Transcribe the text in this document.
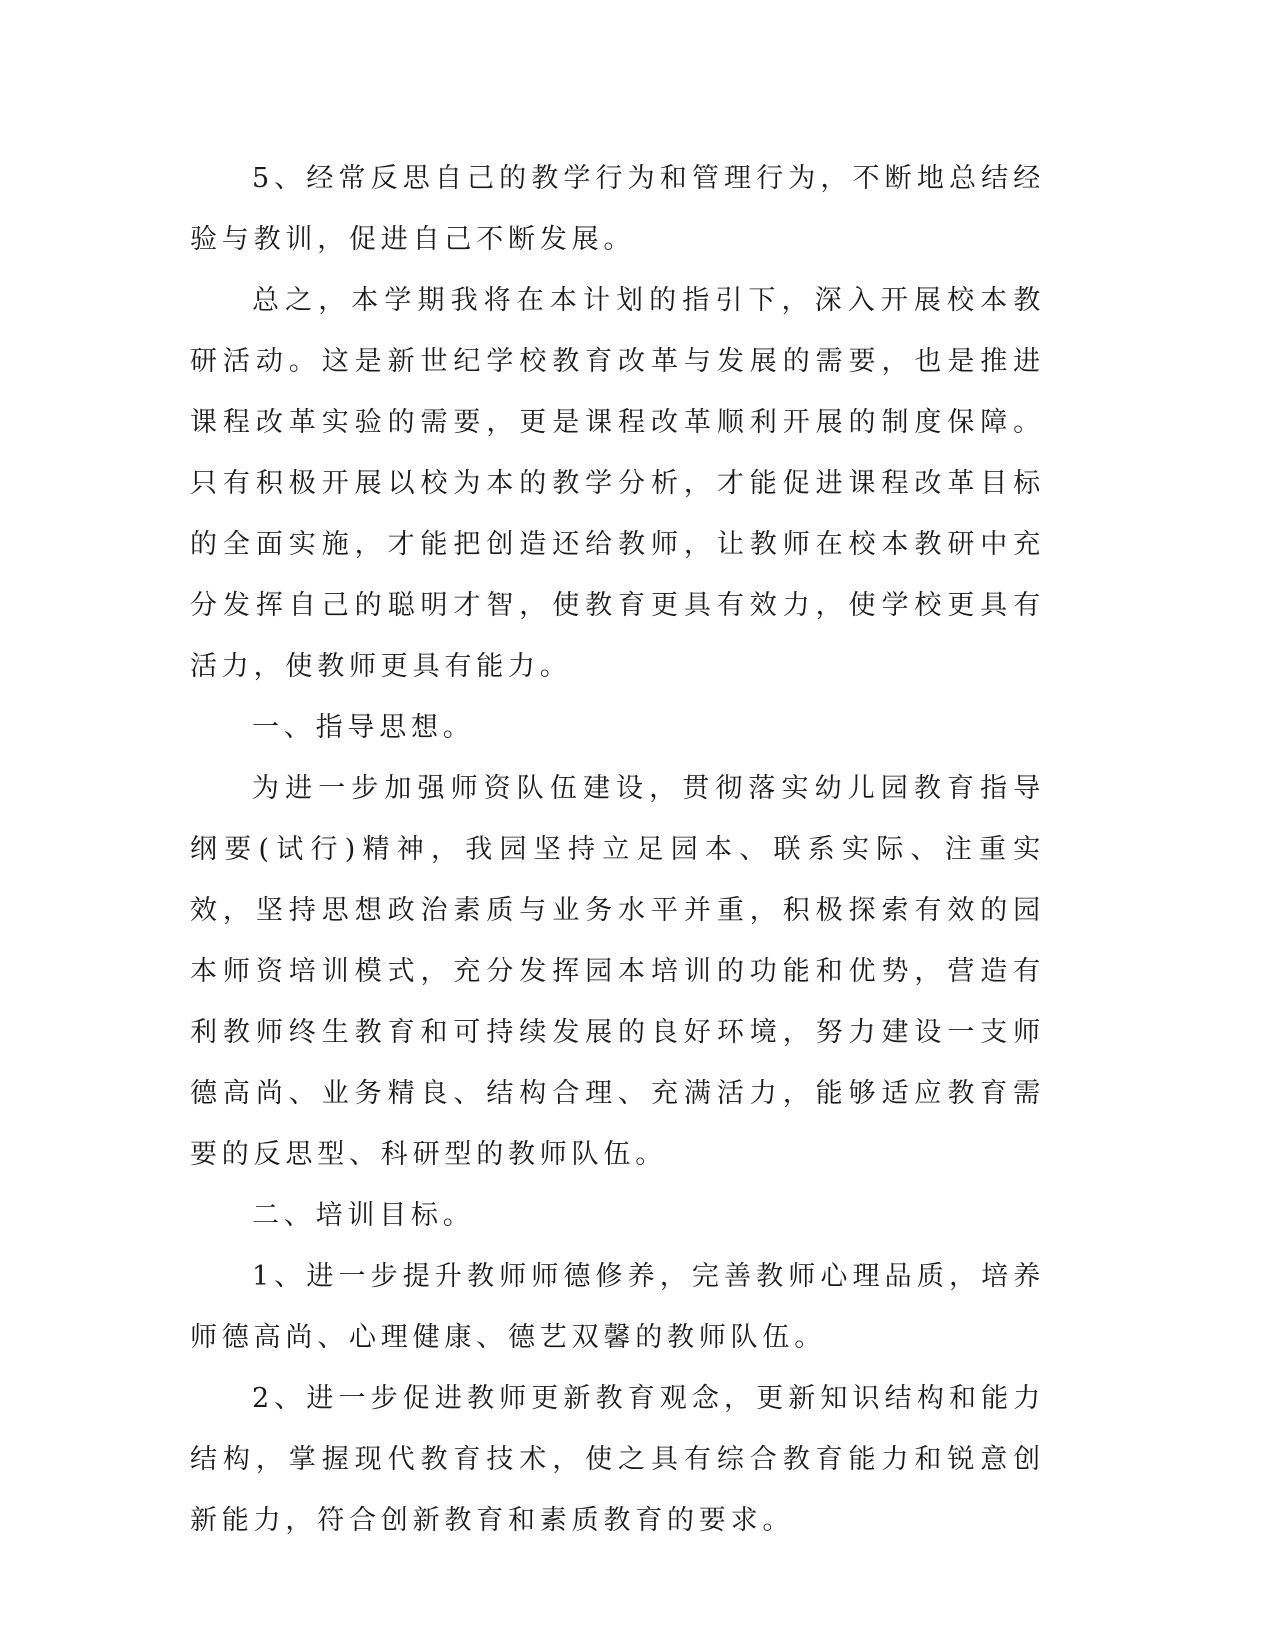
5、经常反思自己的教学行为和管理行为，不断地总结经验与教训，促进自己不断发展。

总之，本学期我将在本计划的指引下，深入开展校本教研活动。这是新世纪学校教育改革与发展的需要，也是推进课程改革实验的需要，更是课程改革顺利开展的制度保障。只有积极开展以校为本的教学分析，才能促进课程改革目标的全面实施，才能把创造还给教师，让教师在校本教研中充分发挥自己的聪明才智，使教育更具有效力，使学校更具有活力，使教师更具有能力。

一、指导思想。

为进一步加强师资队伍建设，贯彻落实幼儿园教育指导纲要(试行)精神，我园坚持立足园本、联系实际、注重实效，坚持思想政治素质与业务水平并重，积极探索有效的园本师资培训模式，充分发挥园本培训的功能和优势，营造有利教师终生教育和可持续发展的良好环境，努力建设一支师德高尚、业务精良、结构合理、充满活力，能够适应教育需要的反思型、科研型的教师队伍。

二、培训目标。

1、进一步提升教师师德修养，完善教师心理品质，培养师德高尚、心理健康、德艺双馨的教师队伍。

2、进一步促进教师更新教育观念，更新知识结构和能力结构，掌握现代教育技术，使之具有综合教育能力和锐意创新能力，符合创新教育和素质教育的要求。
